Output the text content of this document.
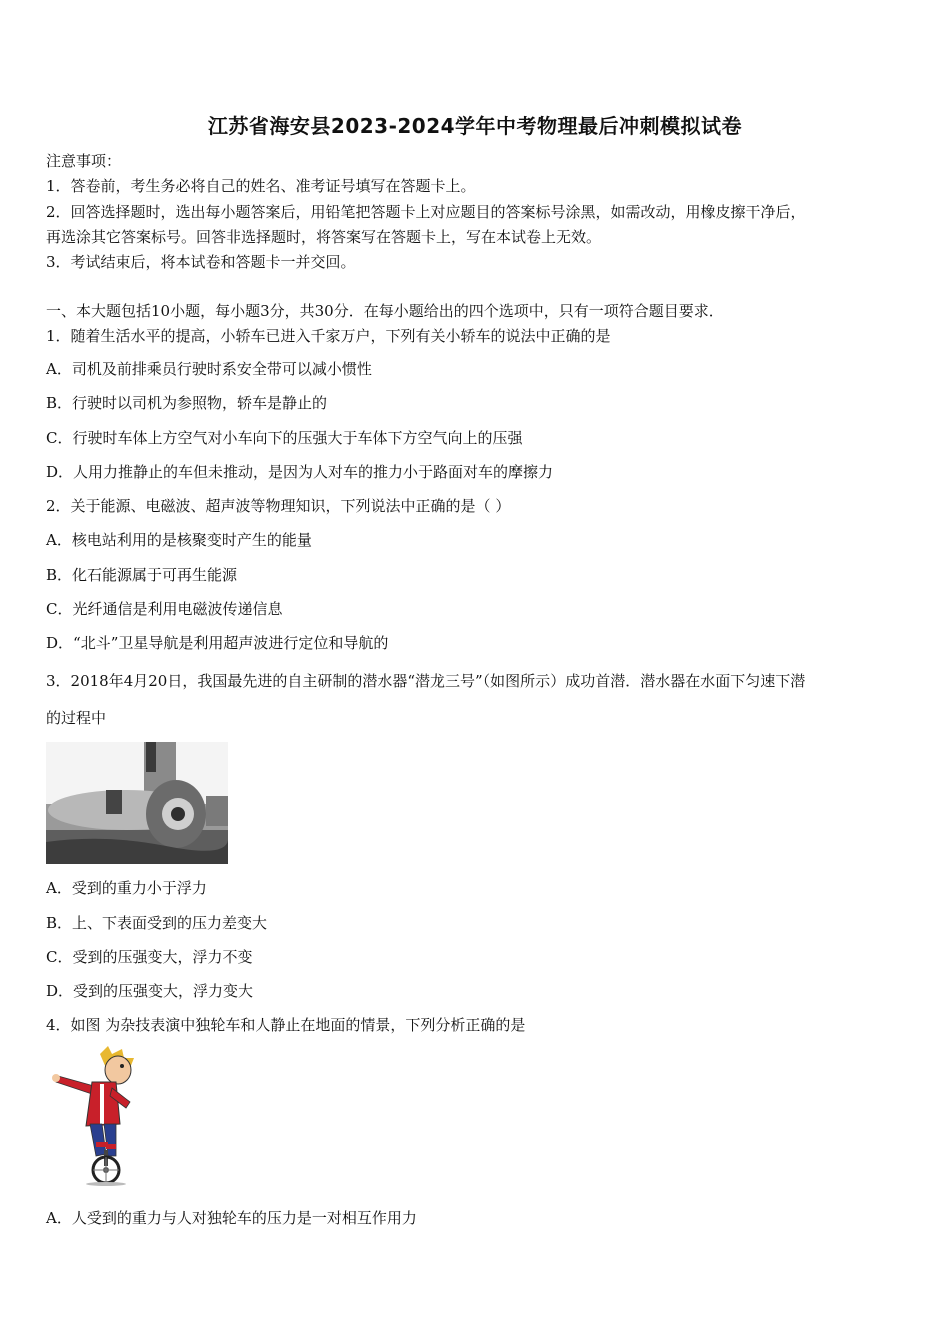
江苏省海安县2023-2024学年中考物理最后冲刺模拟试卷
注意事项：
1．答卷前，考生务必将自己的姓名、准考证号填写在答题卡上。
2．回答选择题时，选出每小题答案后，用铅笔把答题卡上对应题目的答案标号涂黑，如需改动，用橡皮擦干净后，
再选涂其它答案标号。回答非选择题时，将答案写在答题卡上，写在本试卷上无效。
3．考试结束后，将本试卷和答题卡一并交回。
一、本大题包括10小题，每小题3分，共30分．在每小题给出的四个选项中，只有一项符合题目要求．
1．随着生活水平的提高，小轿车已进入千家万户，下列有关小轿车的说法中正确的是
A．司机及前排乘员行驶时系安全带可以减小惯性
B．行驶时以司机为参照物，轿车是静止的
C．行驶时车体上方空气对小车向下的压强大于车体下方空气向上的压强
D．人用力推静止的车但未推动，是因为人对车的推力小于路面对车的摩擦力
2．关于能源、电磁波、超声波等物理知识，下列说法中正确的是（ ）
A．核电站利用的是核聚变时产生的能量
B．化石能源属于可再生能源
C．光纤通信是利用电磁波传递信息
D．“北斗”卫星导航是利用超声波进行定位和导航的
3．2018年4月20日，我国最先进的自主研制的潜水器“潜龙三号”（如图所示）成功首潜．潜水器在水面下匀速下潜
的过程中
A．受到的重力小于浮力
B．上、下表面受到的压力差变大
C．受到的压强变大，浮力不变
D．受到的压强变大，浮力变大
4．如图 为杂技表演中独轮车和人静止在地面的情景，下列分析正确的是
A．人受到的重力与人对独轮车的压力是一对相互作用力
